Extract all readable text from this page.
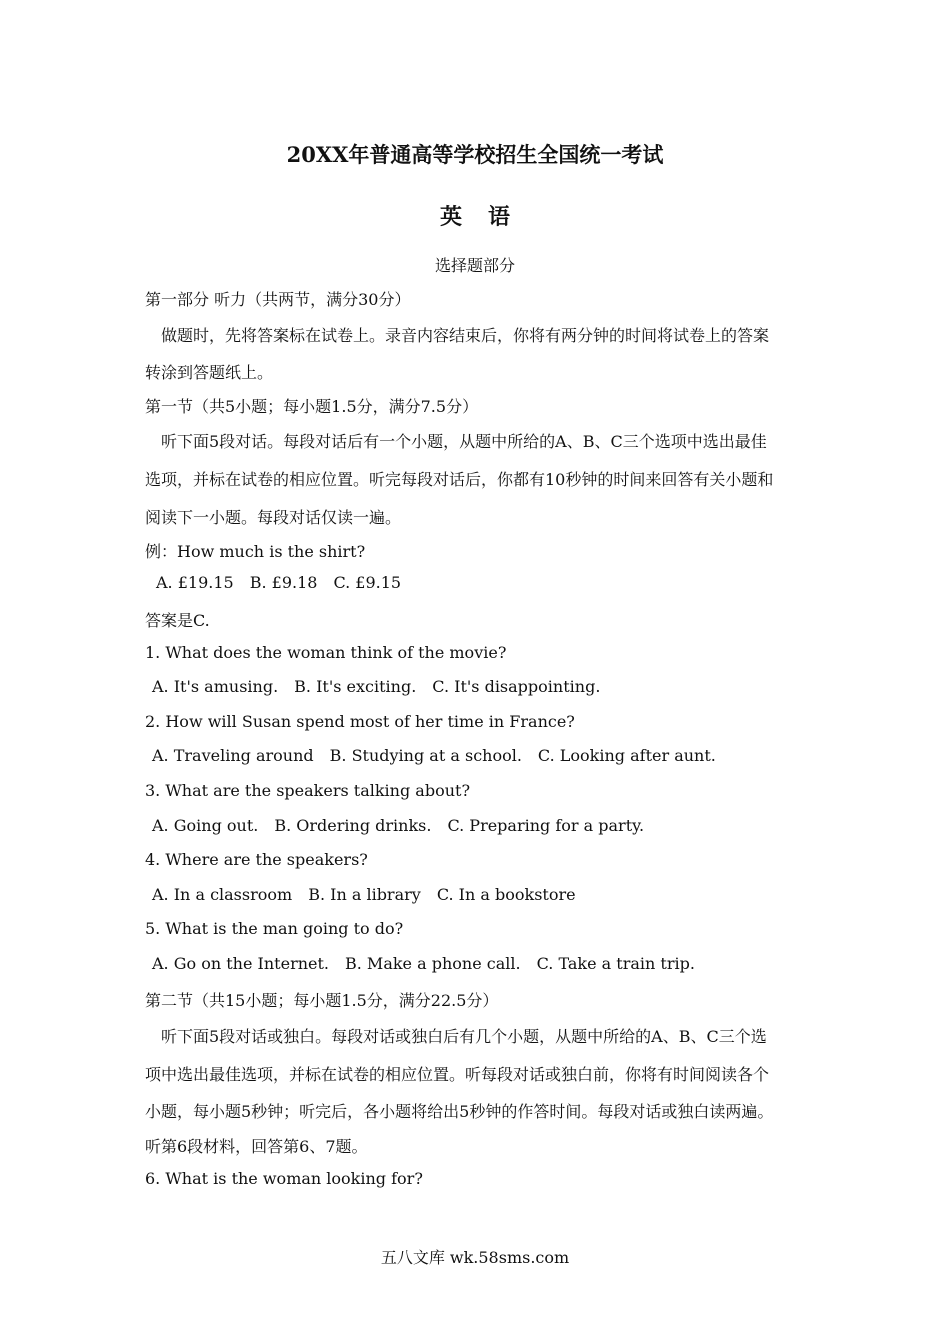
20XX年普通高等学校招生全国统一考试
英 语
选择题部分
第一部分 听力（共两节，满分30分）
做题时，先将答案标在试卷上。录音内容结束后，你将有两分钟的时间将试卷上的答案
转涂到答题纸上。
第一节（共5小题；每小题1.5分，满分7.5分）
听下面5段对话。每段对话后有一个小题，从题中所给的A、B、C三个选项中选出最佳
选项，并标在试卷的相应位置。听完每段对话后，你都有10秒钟的时间来回答有关小题和
阅读下一小题。每段对话仅读一遍。
例：How much is the shirt?
A. £19.15 B. £9.18 C. £9.15
答案是C.
1. What does the woman think of the movie?
A. It's amusing. B. It's exciting. C. It's disappointing.
2. How will Susan spend most of her time in France?
A. Traveling around B. Studying at a school. C. Looking after aunt.
3. What are the speakers talking about?
A. Going out. B. Ordering drinks. C. Preparing for a party.
4. Where are the speakers?
A. In a classroom B. In a library C. In a bookstore
5. What is the man going to do?
A. Go on the Internet. B. Make a phone call. C. Take a train trip.
第二节（共15小题；每小题1.5分，满分22.5分）
听下面5段对话或独白。每段对话或独白后有几个小题，从题中所给的A、B、C三个选
项中选出最佳选项，并标在试卷的相应位置。听每段对话或独白前，你将有时间阅读各个
小题，每小题5秒钟；听完后，各小题将给出5秒钟的作答时间。每段对话或独白读两遍。
听第6段材料，回答第6、7题。
6. What is the woman looking for?
五八文库 wk.58sms.com
